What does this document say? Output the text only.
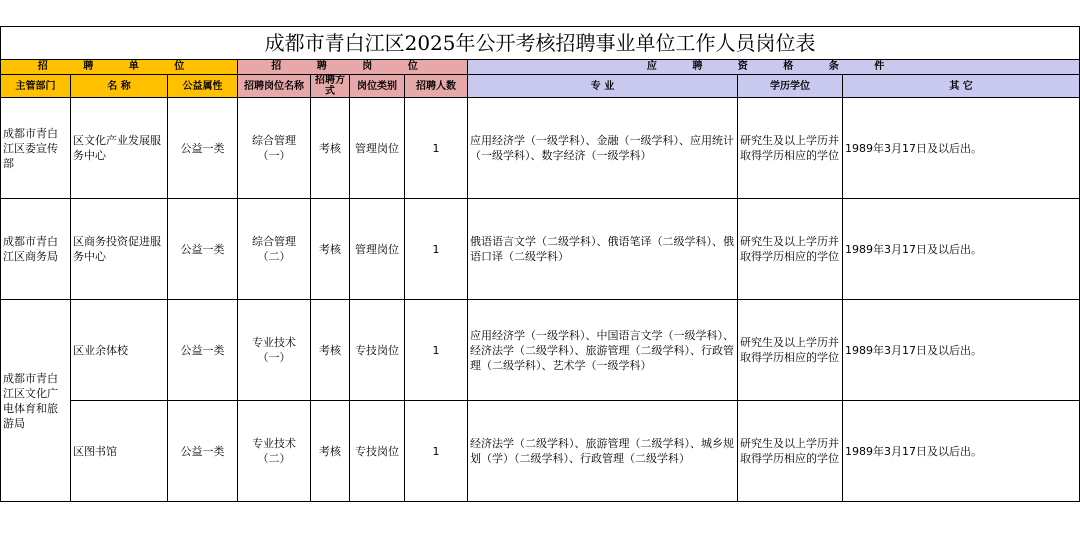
成都市青白江区2025年公开考核招聘事业单位工作人员岗位表									
招 聘 单 位			招 聘 岗 位				应 聘 资 格 条 件		
主管部门	名 称	公益属性	招聘岗位名称	招聘方式	岗位类别	招聘人数	专 业	学历学位	其 它
成都市青白江区委宣传部	区文化产业发展服务中心	公益一类	综合管理（一）	考核	管理岗位	1	应用经济学（一级学科）、金融（一级学科）、应用统计（一级学科）、数字经济（一级学科）	研究生及以上学历并取得学历相应的学位	1989年3月17日及以后出。
成都市青白江区商务局	区商务投资促进服务中心	公益一类	综合管理（二）	考核	管理岗位	1	俄语语言文学（二级学科）、俄语笔译（二级学科）、俄语口译（二级学科）	研究生及以上学历并取得学历相应的学位	1989年3月17日及以后出。
成都市青白江区文化广电体育和旅游局	区业余体校	公益一类	专业技术（一）	考核	专技岗位	1	应用经济学（一级学科）、中国语言文学（一级学科）、经济法学（二级学科）、旅游管理（二级学科）、行政管理（二级学科）、艺术学（一级学科）	研究生及以上学历并取得学历相应的学位	1989年3月17日及以后出。
	区图书馆	公益一类	专业技术（二）	考核	专技岗位	1	经济法学（二级学科）、旅游管理（二级学科）、城乡规划（学）（二级学科）、行政管理（二级学科）	研究生及以上学历并取得学历相应的学位	1989年3月17日及以后出。
